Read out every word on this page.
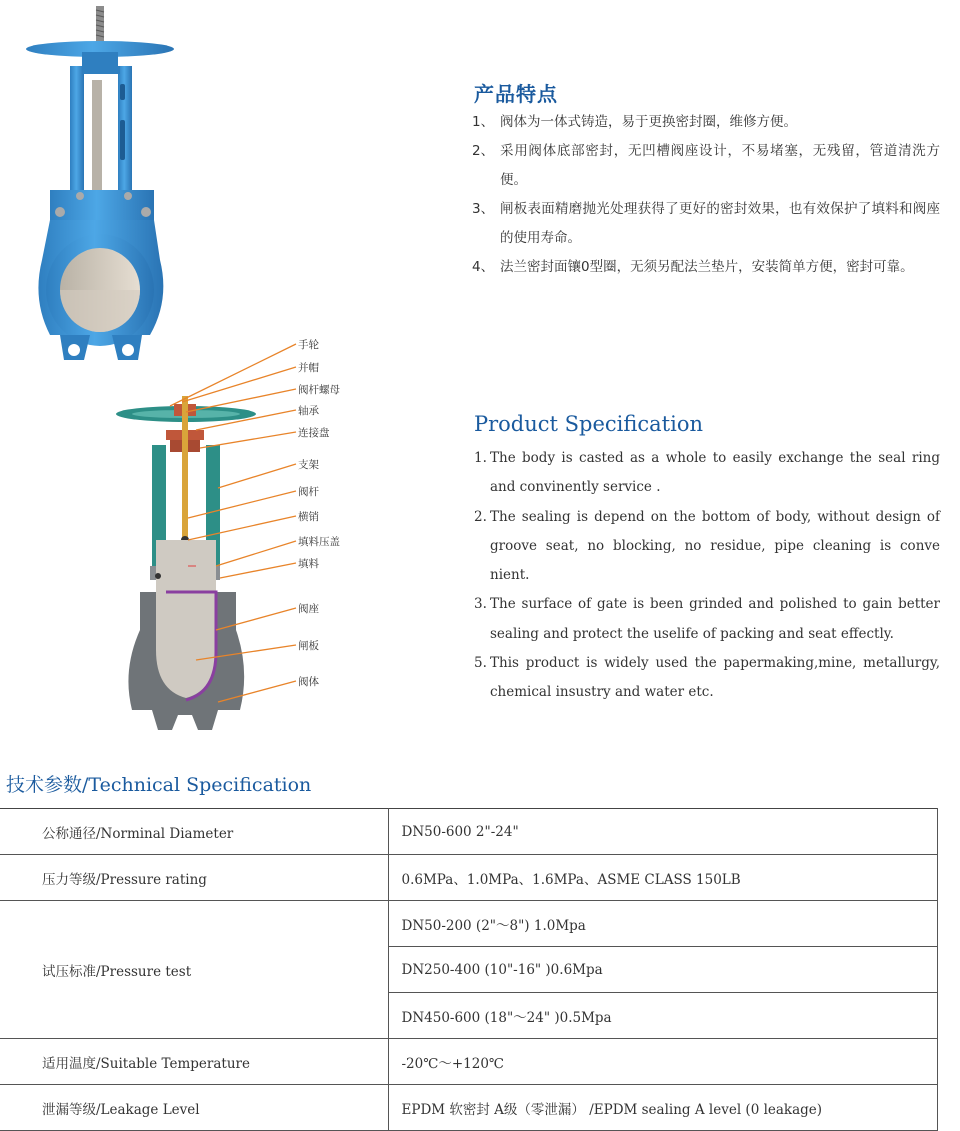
产品特点
1、 阀体为一体式铸造，易于更换密封圈，维修方便。
2、 采用阀体底部密封，无凹槽阀座设计，不易堵塞，无残留，管道清洗方便。
3、 闸板表面精磨抛光处理获得了更好的密封效果，也有效保护了填料和阀座的使用寿命。
4、 法兰密封面镶0型圈，无须另配法兰垫片，安装简单方便，密封可靠。
手轮
并帽
阀杆螺母
轴承
连接盘
支架
阀杆
横销
填料压盖
填料
阀座
闸板
阀体
Product Specification
1. The body is casted as a whole to easily exchange the seal ring and convinently service .
2. The sealing is depend on the bottom of body, without design of groove seat, no blocking, no residue, pipe cleaning is conve nient.
3. The surface of gate is been grinded and polished to gain better sealing and protect the uselife of packing and seat effectly.
5. This product is widely used the papermaking,mine, metallurgy, chemical insustry and water etc.
技术参数/Technical Specification
公称通径/Norminal Diameter	DN50-600 2"-24"
压力等级/Pressure rating	0.6MPa、1.0MPa、1.6MPa、ASME CLASS 150LB
试压标准/Pressure test	DN50-200 (2"～8") 1.0Mpa
	DN250-400 (10"-16" )0.6Mpa
	DN450-600 (18"～24" )0.5Mpa
适用温度/Suitable Temperature	-20℃～+120℃
泄漏等级/Leakage Level	EPDM 软密封 A级（零泄漏） /EPDM sealing A level (0 leakage)
